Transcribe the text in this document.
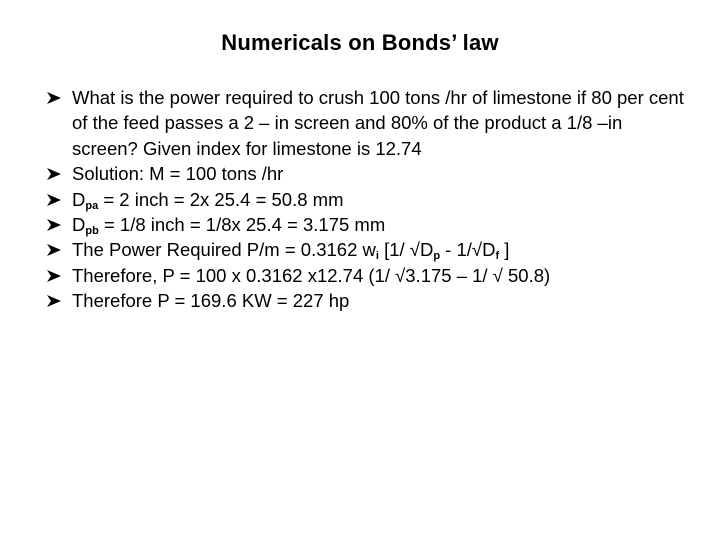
Numericals on Bonds’ law
What is the power required to crush 100 tons /hr of limestone if 80 per cent of the feed passes a 2 – in screen and 80% of the product a 1/8 –in screen? Given index for limestone is 12.74
Solution: M = 100 tons /hr
$D_{pa} = 2$ inch = 2x 25.4 = 50.8 mm
$D_{pb} = 1/8$ inch = 1/8x 25.4 = 3.175 mm
The Power Required P/m = 0.3162 $w_i$ [1/ $√D_p - 1/√D_f$ ]
Therefore, P = 100 x 0.3162 x12.74 (1/ √3.175 – 1/ √ 50.8)
Therefore P = 169.6 KW = 227 hp
